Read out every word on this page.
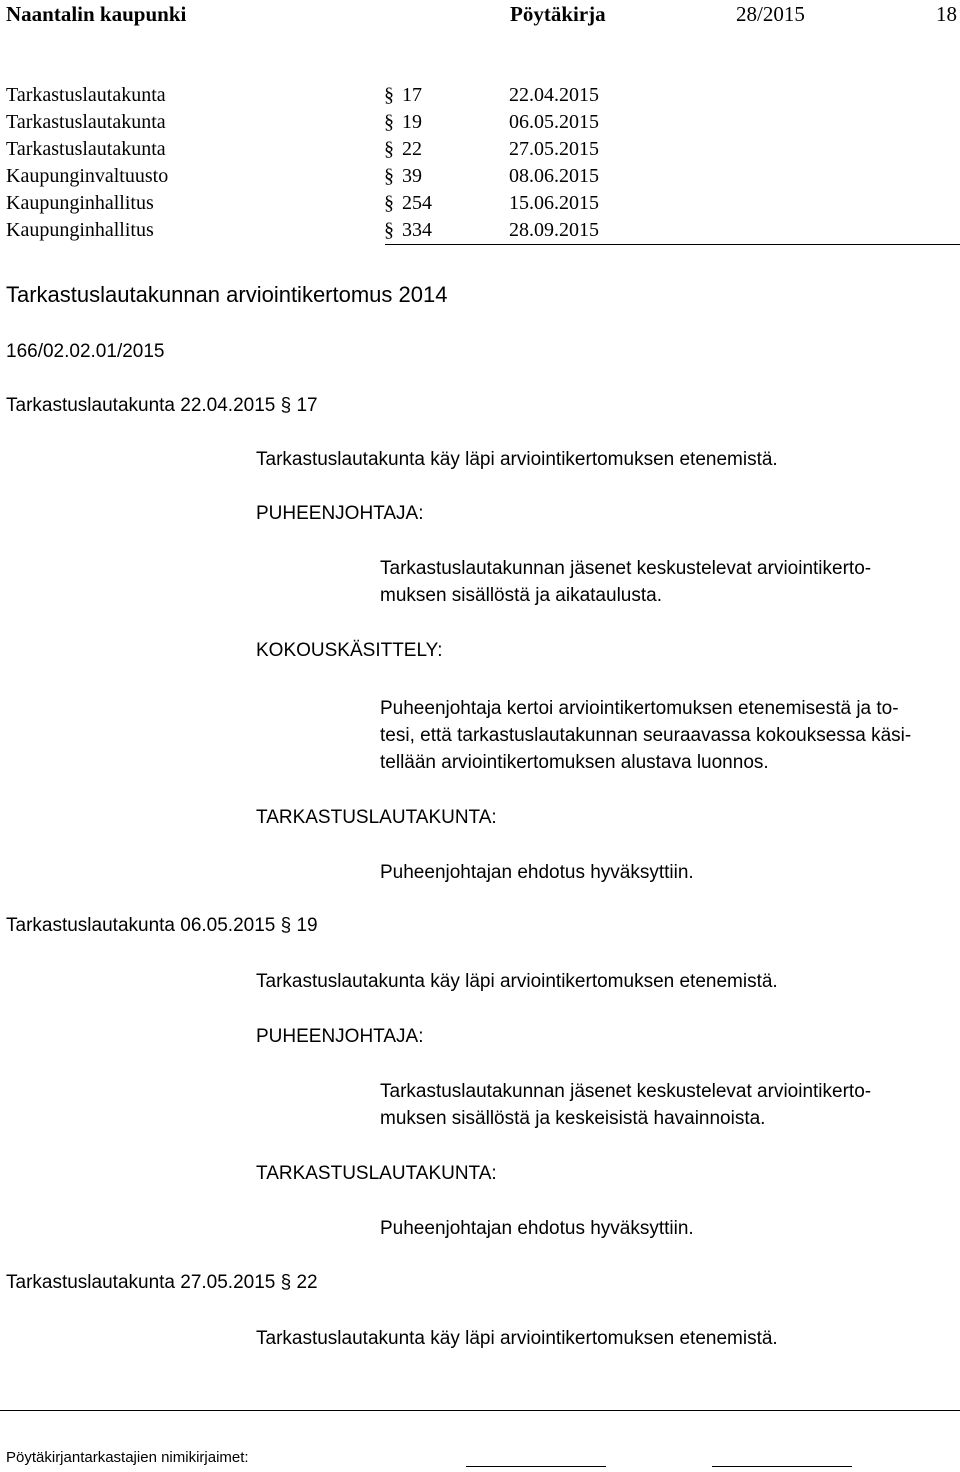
Naantalin kaupunki	Pöytäkirja	28/2015	18
Tarkastuslautakunta	§ 17	22.04.2015
Tarkastuslautakunta	§ 19	06.05.2015
Tarkastuslautakunta	§ 22	27.05.2015
Kaupunginvaltuusto	§ 39	08.06.2015
Kaupunginhallitus	§ 254	15.06.2015
Kaupunginhallitus	§ 334	28.09.2015
Tarkastuslautakunnan arviointikertomus 2014
166/02.02.01/2015
Tarkastuslautakunta 22.04.2015 § 17
Tarkastuslautakunta käy läpi arviointikertomuksen etenemistä.
PUHEENJOHTAJA:
Tarkastuslautakunnan jäsenet keskustelevat arviointikerto-
muksen sisällöstä ja aikataulusta.
KOKOUSKÄSITTELY:
Puheenjohtaja kertoi arviointikertomuksen etenemisestä ja to-
tesi, että tarkastuslautakunnan seuraavassa kokouksessa käsi-
tellään arviointikertomuksen alustava luonnos.
TARKASTUSLAUTAKUNTA:
Puheenjohtajan ehdotus hyväksyttiin.
Tarkastuslautakunta 06.05.2015 § 19
Tarkastuslautakunta käy läpi arviointikertomuksen etenemistä.
PUHEENJOHTAJA:
Tarkastuslautakunnan jäsenet keskustelevat arviointikerto-
muksen sisällöstä ja keskeisistä havainnoista.
TARKASTUSLAUTAKUNTA:
Puheenjohtajan ehdotus hyväksyttiin.
Tarkastuslautakunta 27.05.2015 § 22
Tarkastuslautakunta käy läpi arviointikertomuksen etenemistä.
Pöytäkirjantarkastajien nimikirjaimet:
